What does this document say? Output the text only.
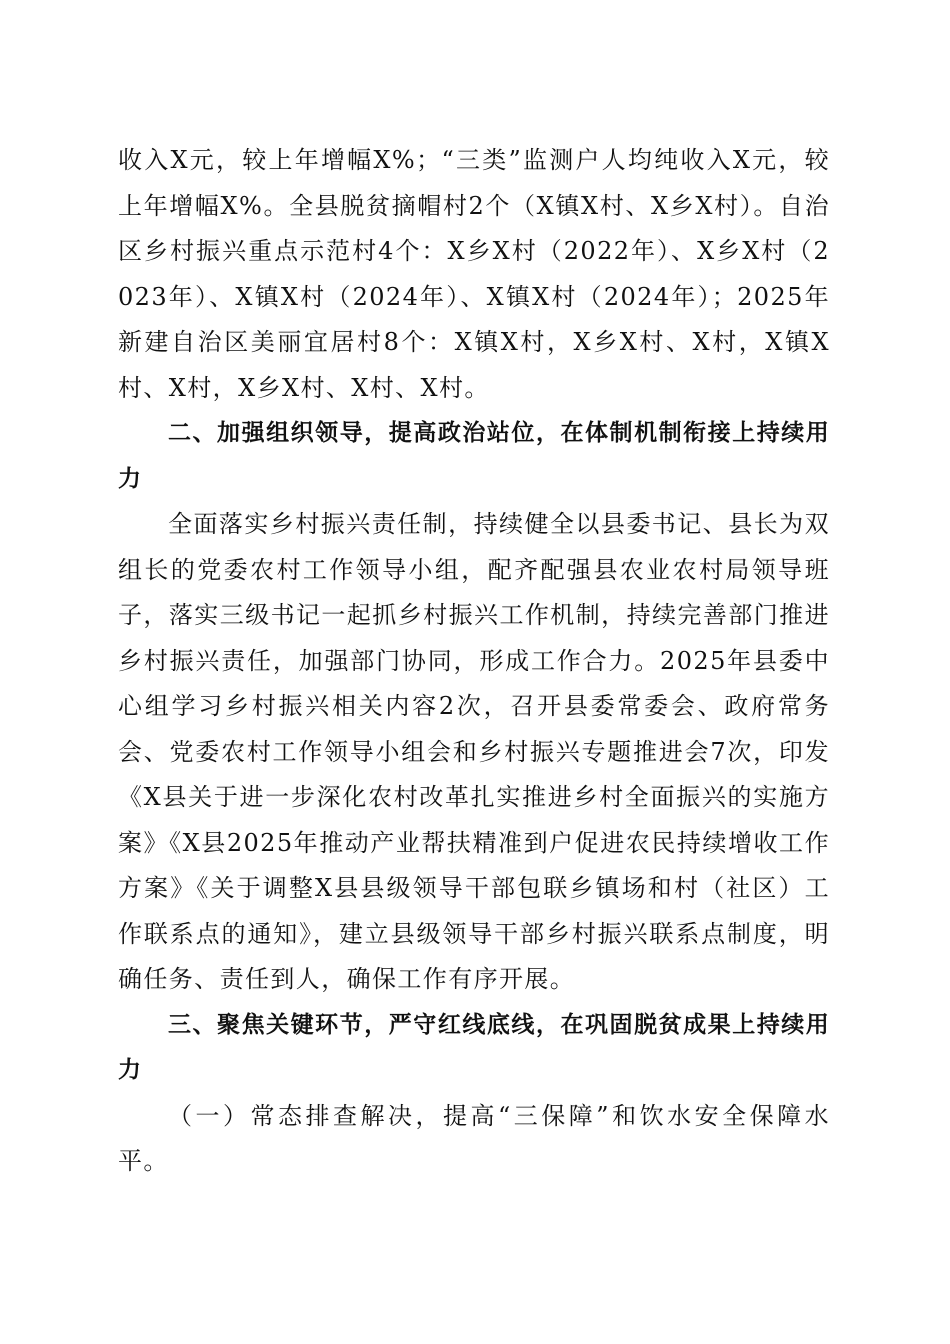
收入X元，较上年增幅X%；“三类”监测户人均纯收入X元，较上年增幅X%。全县脱贫摘帽村2个（X镇X村、X乡X村）。自治区乡村振兴重点示范村4个：X乡X村（2022年）、X乡X村（2023年）、X镇X村（2024年）、X镇X村（2024年）；2025年新建自治区美丽宜居村8个：X镇X村，X乡X村、X村，X镇X村、X村，X乡X村、X村、X村。

二、加强组织领导，提高政治站位，在体制机制衔接上持续用力

全面落实乡村振兴责任制，持续健全以县委书记、县长为双组长的党委农村工作领导小组，配齐配强县农业农村局领导班子，落实三级书记一起抓乡村振兴工作机制，持续完善部门推进乡村振兴责任，加强部门协同，形成工作合力。2025年县委中心组学习乡村振兴相关内容2次，召开县委常委会、政府常务会、党委农村工作领导小组会和乡村振兴专题推进会7次，印发《X县关于进一步深化农村改革扎实推进乡村全面振兴的实施方案》《X县2025年推动产业帮扶精准到户促进农民持续增收工作方案》《关于调整X县县级领导干部包联乡镇场和村（社区）工作联系点的通知》，建立县级领导干部乡村振兴联系点制度，明确任务、责任到人，确保工作有序开展。

三、聚焦关键环节，严守红线底线，在巩固脱贫成果上持续用力

（一）常态排查解决，提高“三保障”和饮水安全保障水平。
